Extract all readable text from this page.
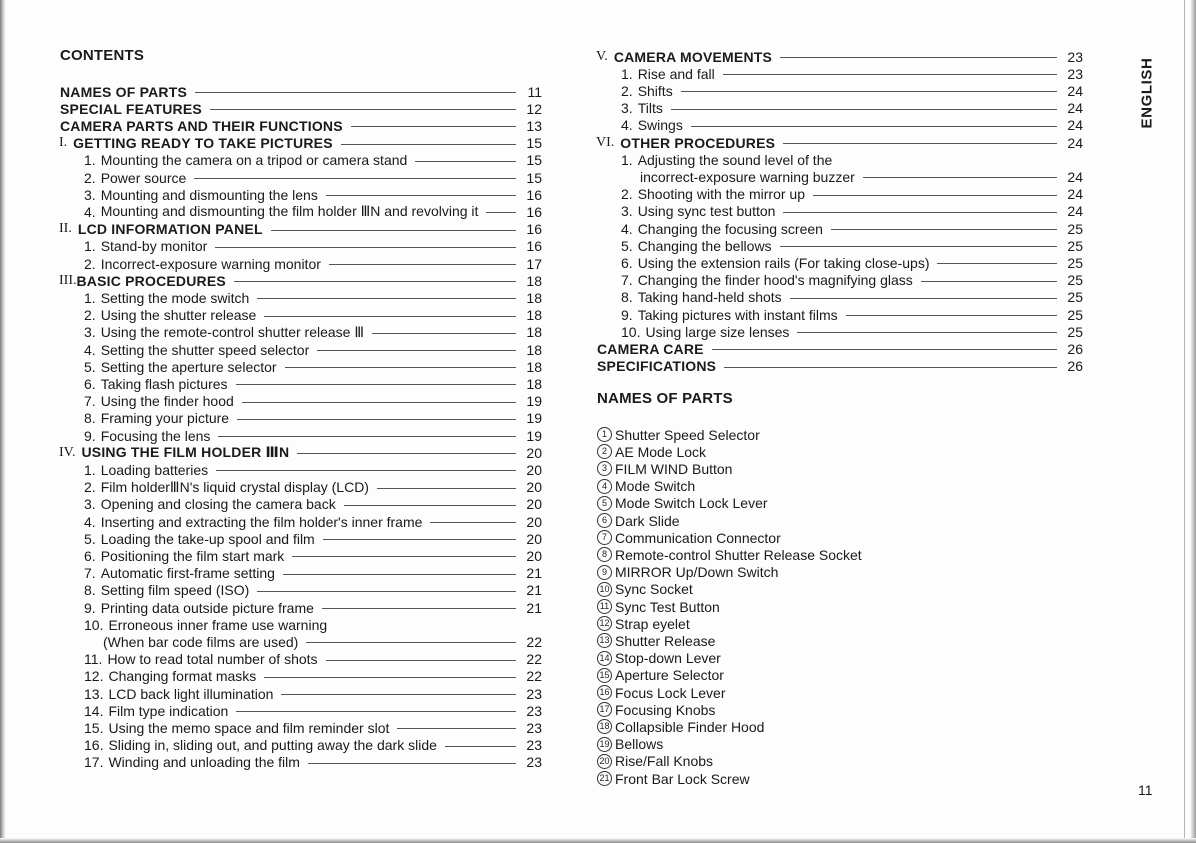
CONTENTS
NAMES OF PARTS	11
SPECIAL FEATURES	12
CAMERA PARTS AND THEIR FUNCTIONS	13
I. GETTING READY TO TAKE PICTURES	15
1. Mounting the camera on a tripod or camera stand	15
2. Power source	15
3. Mounting and dismounting the lens	16
4. Mounting and dismounting the film holder ⅢN and revolving it	16
II. LCD INFORMATION PANEL	16
1. Stand-by monitor	16
2. Incorrect-exposure warning monitor	17
III. BASIC PROCEDURES	18
1. Setting the mode switch	18
2. Using the shutter release	18
3. Using the remote-control shutter release Ⅲ	18
4. Setting the shutter speed selector	18
5. Setting the aperture selector	18
6. Taking flash pictures	18
7. Using the finder hood	19
8. Framing your picture	19
9. Focusing the lens	19
IV. USING THE FILM HOLDER ⅢN	20
1. Loading batteries	20
2. Film holderⅢN's liquid crystal display (LCD)	20
3. Opening and closing the camera back	20
4. Inserting and extracting the film holder's inner frame	20
5. Loading the take-up spool and film	20
6. Positioning the film start mark	20
7. Automatic first-frame setting	21
8. Setting film speed (ISO)	21
9. Printing data outside picture frame	21
10. Erroneous inner frame use warning
(When bar code films are used)	22
11. How to read total number of shots	22
12. Changing format masks	22
13. LCD back light illumination	23
14. Film type indication	23
15. Using the memo space and film reminder slot	23
16. Sliding in, sliding out, and putting away the dark slide	23
17. Winding and unloading the film	23
V. CAMERA MOVEMENTS	23
1. Rise and fall	23
2. Shifts	24
3. Tilts	24
4. Swings	24
VI. OTHER PROCEDURES	24
1. Adjusting the sound level of the
incorrect-exposure warning buzzer	24
2. Shooting with the mirror up	24
3. Using sync test button	24
4. Changing the focusing screen	25
5. Changing the bellows	25
6. Using the extension rails (For taking close-ups)	25
7. Changing the finder hood's magnifying glass	25
8. Taking hand-held shots	25
9. Taking pictures with instant films	25
10. Using large size lenses	25
CAMERA CARE	26
SPECIFICATIONS	26
NAMES OF PARTS
1 Shutter Speed Selector
2 AE Mode Lock
3 FILM WIND Button
4 Mode Switch
5 Mode Switch Lock Lever
6 Dark Slide
7 Communication Connector
8 Remote-control Shutter Release Socket
9 MIRROR Up/Down Switch
10 Sync Socket
11 Sync Test Button
12 Strap eyelet
13 Shutter Release
14 Stop-down Lever
15 Aperture Selector
16 Focus Lock Lever
17 Focusing Knobs
18 Collapsible Finder Hood
19 Bellows
20 Rise/Fall Knobs
21 Front Bar Lock Screw
ENGLISH
11
